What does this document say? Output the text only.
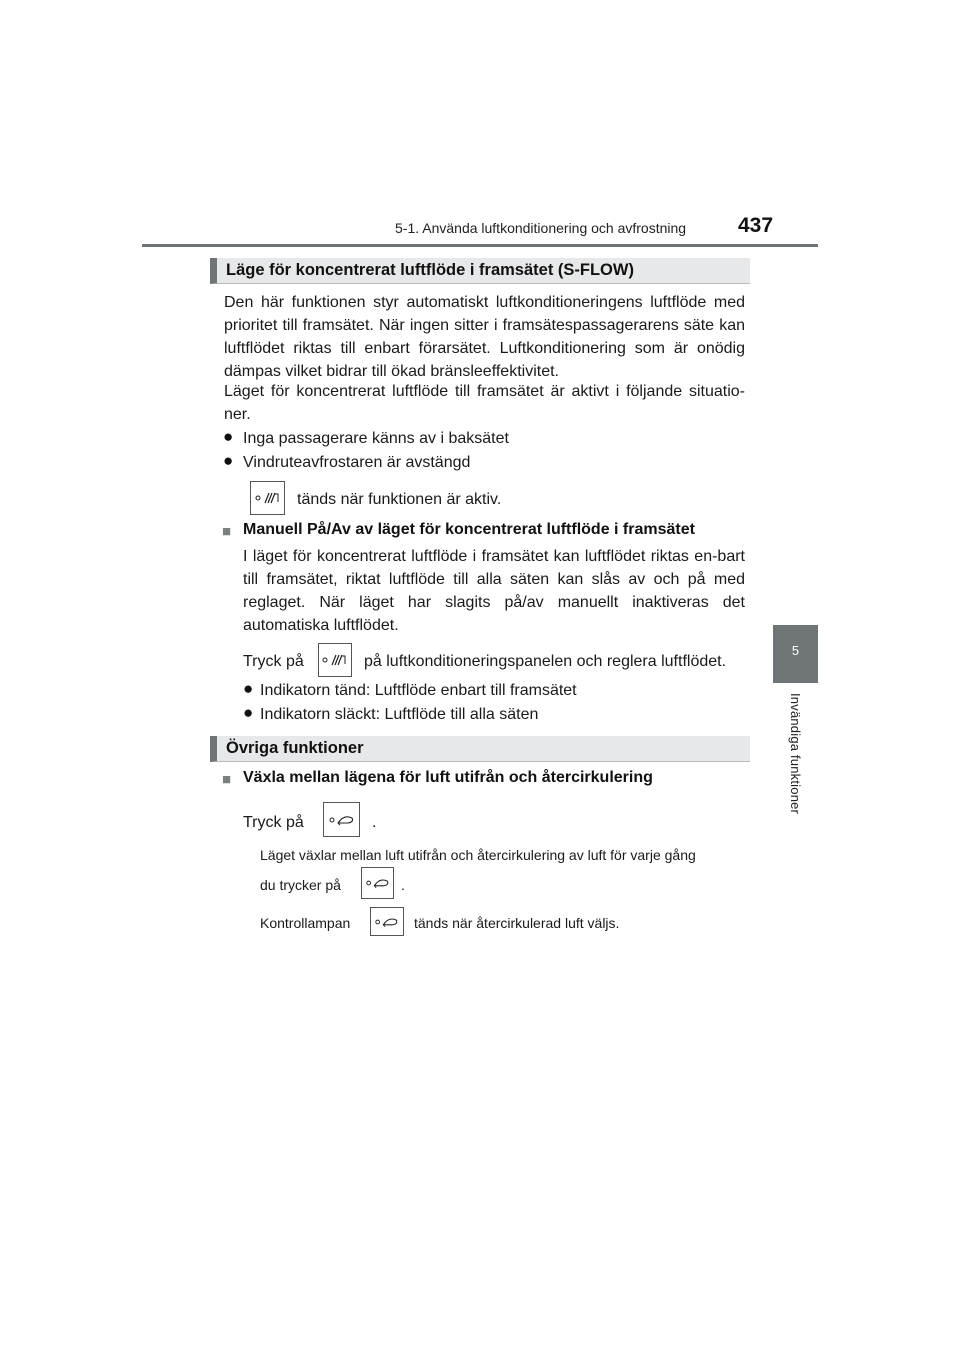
5-1. Använda luftkonditionering och avfrostning 437
5
Invändiga funktioner
Läge för koncentrerat luftflöde i framsätet (S-FLOW)
Den här funktionen styr automatiskt luftkonditioneringens luftflöde med prioritet till framsätet. När ingen sitter i framsätespassagerarens säte kan luftflödet riktas till enbart förarsätet. Luftkonditionering som är onödig dämpas vilket bidrar till ökad bränsleeffektivitet.
Läget för koncentrerat luftflöde till framsätet är aktivt i följande situatio-ner.
● Inga passagerare känns av i baksätet
● Vindruteavfrostaren är avstängd
tänds när funktionen är aktiv.
■ Manuell På/Av av läget för koncentrerat luftflöde i framsätet
I läget för koncentrerat luftflöde i framsätet kan luftflödet riktas en-bart till framsätet, riktat luftflöde till alla säten kan slås av och på med reglaget. När läget har slagits på/av manuellt inaktiveras det automatiska luftflödet.
Tryck på	på luftkonditioneringspanelen och reglera luftflödet.
● Indikatorn tänd: Luftflöde enbart till framsätet
● Indikatorn släckt: Luftflöde till alla säten
Övriga funktioner
■ Växla mellan lägena för luft utifrån och återcirkulering
Tryck på	.
Läget växlar mellan luft utifrån och återcirkulering av luft för varje gång
du trycker på	.
Kontrollampan	tänds när återcirkulerad luft väljs.
